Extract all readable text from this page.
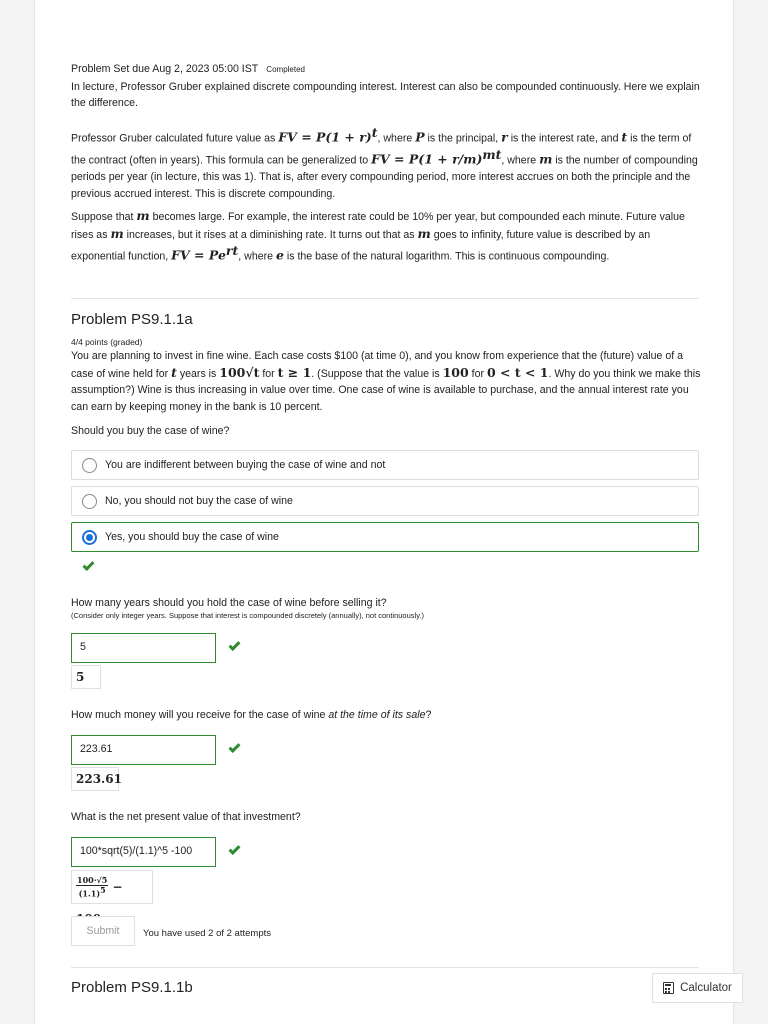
Problem Set due Aug 2, 2023 05:00 IST Completed
In lecture, Professor Gruber explained discrete compounding interest. Interest can also be compounded continuously. Here we explain the difference.

Professor Gruber calculated future value as FV = $P(1 + r)^t$, where P is the principal, r is the interest rate, and t is the term of the contract (often in years). This formula can be generalized to FV = $P(1 + r/m)^{mt}$, where m is the number of compounding periods per year (in lecture, this was 1). That is, after every compounding period, more interest accrues on both the principle and the previous accrued interest. This is discrete compounding.

Suppose that m becomes large. For example, the interest rate could be 10% per year, but compounded each minute. Future value rises as m increases, but it rises at a diminishing rate. It turns out that as m goes to infinity, future value is described by an exponential function, FV = $Pe^{rt}$, where e is the base of the natural logarithm. This is continuous compounding.

Problem PS9.1.1a
4/4 points (graded)

You are planning to invest in fine wine. Each case costs $100 (at time 0), and you know from experience that the (future) value of a case of wine held for t years is 100√t for t ≥ 1. (Suppose that the value is 100 for 0 < t < 1. Why do you think we make this assumption?) Wine is thus increasing in value over time. One case of wine is available to purchase, and the annual interest rate you can earn by keeping money in the bank is 10 percent.

Should you buy the case of wine?
You are indifferent between buying the case of wine and not
No, you should not buy the case of wine
Yes, you should buy the case of wine
How many years should you hold the case of wine before selling it?
(Consider only integer years. Suppose that interest is compounded discretely (annually), not continuously.)
5
5
How much money will you receive for the case of wine at the time of its sale?
223.61
223.61
What is the net present value of that investment?
100*sqrt(5)/(1.1)^5 -100
$\frac{100\cdot√5}{(1.1)^5}$ −
Submit	You have used 2 of 2 attempts
Problem PS9.1.1b	Calculator
